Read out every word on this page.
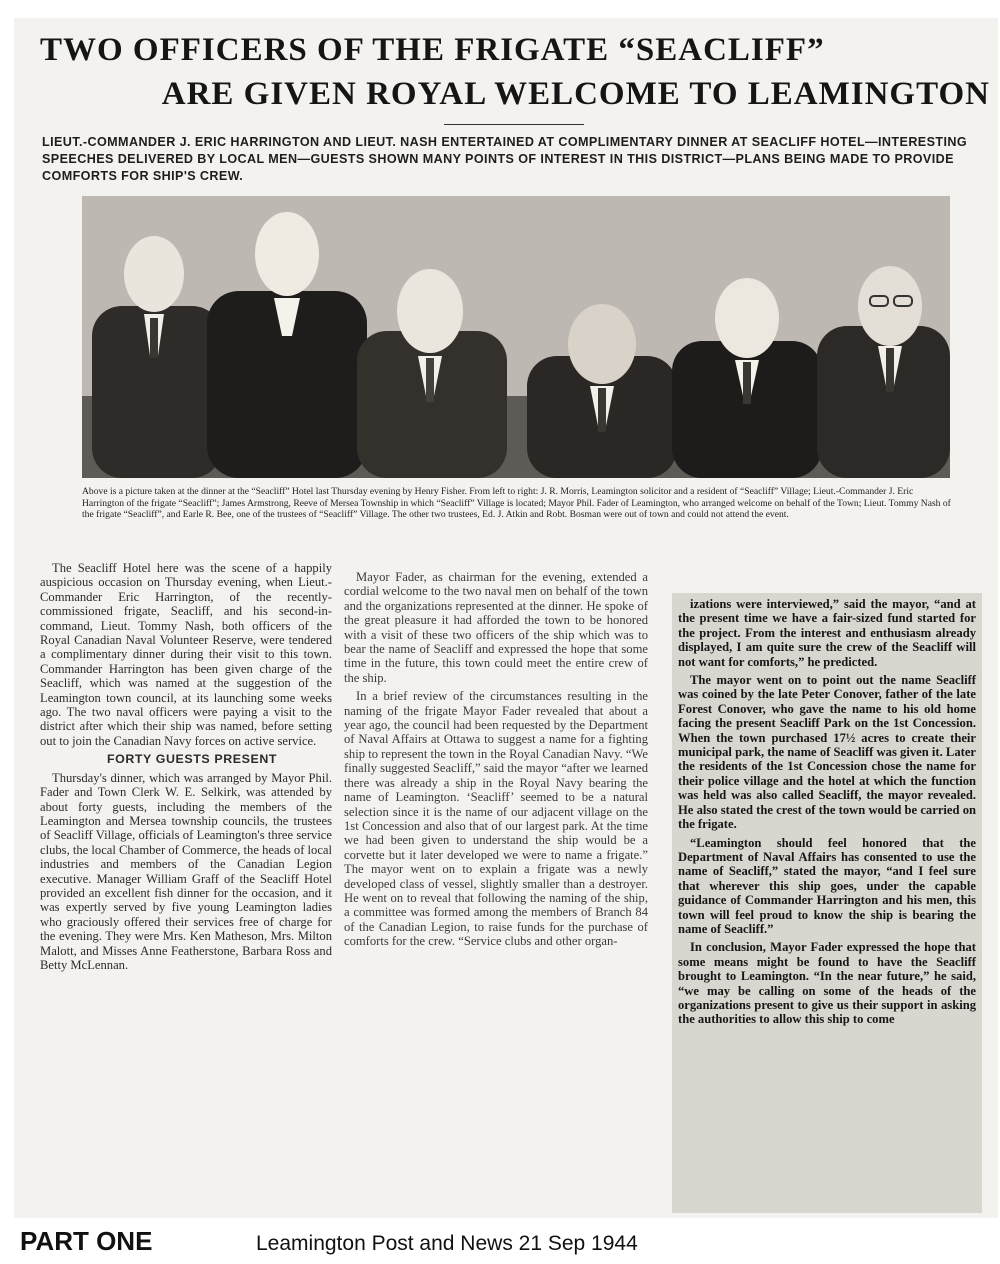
TWO OFFICERS OF THE FRIGATE “SEACLIFF”
ARE GIVEN ROYAL WELCOME TO LEAMINGTON

LIEUT.-COMMANDER J. ERIC HARRINGTON AND LIEUT. NASH ENTERTAINED AT COMPLIMENTARY DINNER AT SEACLIFF HOTEL—INTERESTING SPEECHES DELIVERED BY LOCAL MEN—GUESTS SHOWN MANY POINTS OF INTEREST IN THIS DISTRICT—PLANS BEING MADE TO PROVIDE COMFORTS FOR SHIP'S CREW.

Above is a picture taken at the dinner at the “Seacliff” Hotel last Thursday evening by Henry Fisher. From left to right: J. R. Morris, Leamington solicitor and a resident of “Seacliff” Village; Lieut.-Commander J. Eric Harrington of the frigate “Seacliff”; James Armstrong, Reeve of Mersea Township in which “Seacliff” Village is located; Mayor Phil. Fader of Leamington, who arranged welcome on behalf of the Town; Lieut. Tommy Nash of the frigate “Seacliff”, and Earle R. Bee, one of the trustees of “Seacliff” Village. The other two trustees, Ed. J. Atkin and Robt. Bosman were out of town and could not attend the event.

The Seacliff Hotel here was the scene of a happily auspicious occasion on Thursday evening, when Lieut.-Commander Eric Harrington, of the recently-commissioned frigate, Seacliff, and his second-in-command, Lieut. Tommy Nash, both officers of the Royal Canadian Naval Volunteer Reserve, were tendered a complimentary dinner during their visit to this town. Commander Harrington has been given charge of the Seacliff, which was named at the suggestion of the Leamington town council, at its launching some weeks ago. The two naval officers were paying a visit to the district after which their ship was named, before setting out to join the Canadian Navy forces on active service.

FORTY GUESTS PRESENT

Thursday's dinner, which was arranged by Mayor Phil. Fader and Town Clerk W. E. Selkirk, was attended by about forty guests, including the members of the Leamington and Mersea township councils, the trustees of Seacliff Village, officials of Leamington's three service clubs, the local Chamber of Commerce, the heads of local industries and members of the Canadian Legion executive. Manager William Graff of the Seacliff Hotel provided an excellent fish dinner for the occasion, and it was expertly served by five young Leamington ladies who graciously offered their services free of charge for the evening. They were Mrs. Ken Matheson, Mrs. Milton Malott, and Misses Anne Featherstone, Barbara Ross and Betty McLennan.

Mayor Fader, as chairman for the evening, extended a cordial welcome to the two naval men on behalf of the town and the organizations represented at the dinner. He spoke of the great pleasure it had afforded the town to be honored with a visit of these two officers of the ship which was to bear the name of Seacliff and expressed the hope that some time in the future, this town could meet the entire crew of the ship.

In a brief review of the circumstances resulting in the naming of the frigate Mayor Fader revealed that about a year ago, the council had been requested by the Department of Naval Affairs at Ottawa to suggest a name for a fighting ship to represent the town in the Royal Canadian Navy. “We finally suggested Seacliff,” said the mayor “after we learned there was already a ship in the Royal Navy bearing the name of Leamington. ‘Seacliff’ seemed to be a natural selection since it is the name of our adjacent village on the 1st Concession and also that of our largest park. At the time we had been given to understand the ship would be a corvette but it later developed we were to name a frigate.” The mayor went on to explain a frigate was a newly developed class of vessel, slightly smaller than a destroyer. He went on to reveal that following the naming of the ship, a committee was formed among the members of Branch 84 of the Canadian Legion, to raise funds for the purchase of comforts for the crew. “Service clubs and other organ-

izations were interviewed,” said the mayor, “and at the present time we have a fair-sized fund started for the project. From the interest and enthusiasm already displayed, I am quite sure the crew of the Seacliff will not want for comforts,” he predicted.

The mayor went on to point out the name Seacliff was coined by the late Peter Conover, father of the late Forest Conover, who gave the name to his old home facing the present Seacliff Park on the 1st Concession. When the town purchased 17½ acres to create their municipal park, the name of Seacliff was given it. Later the residents of the 1st Concession chose the name for their police village and the hotel at which the function was held was also called Seacliff, the mayor revealed. He also stated the crest of the town would be carried on the frigate.

“Leamington should feel honored that the Department of Naval Affairs has consented to use the name of Seacliff,” stated the mayor, “and I feel sure that wherever this ship goes, under the capable guidance of Commander Harrington and his men, this town will feel proud to know the ship is bearing the name of Seacliff.”

In conclusion, Mayor Fader expressed the hope that some means might be found to have the Seacliff brought to Leamington. “In the near future,” he said, “we may be calling on some of the heads of the organizations present to give us their support in asking the authorities to allow this ship to come

PART ONE	Leamington Post and News 21 Sep 1944
